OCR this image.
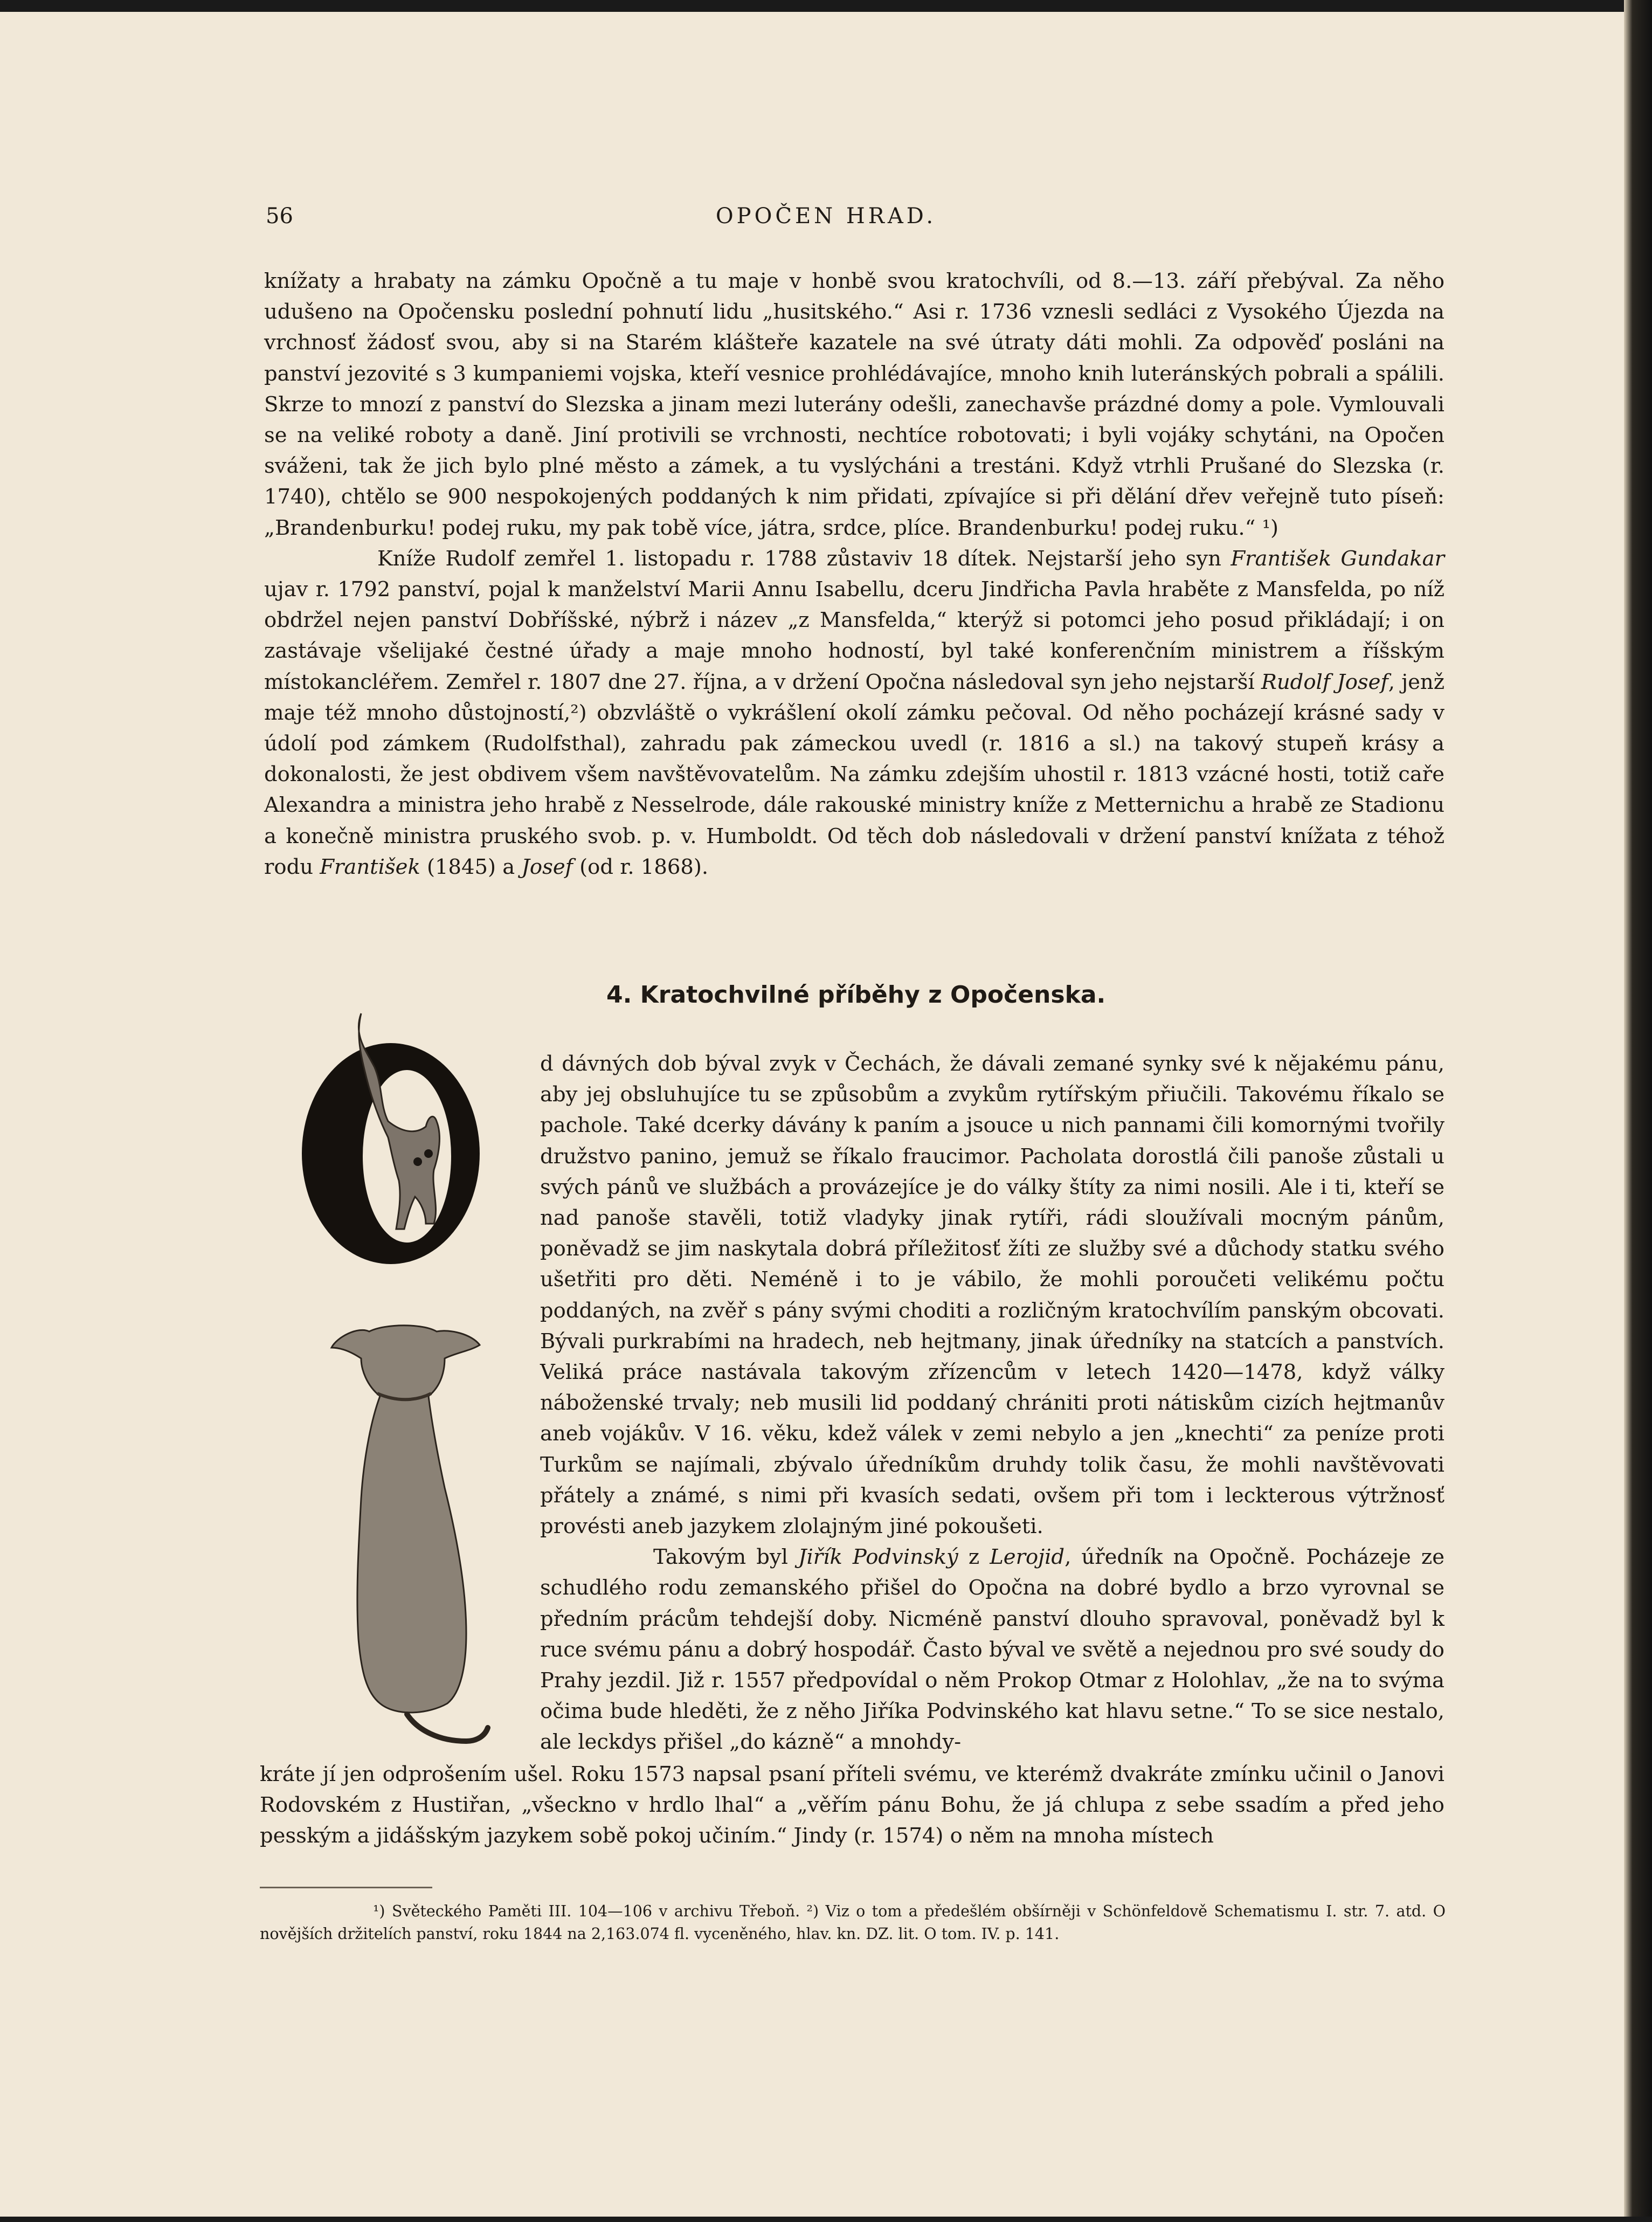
56	OPOČEN HRAD.

knížaty a hrabaty na zámku Opočně a tu maje v honbě svou kratochvíli, od 8.—13. září přebýval. Za něho udušeno na Opočensku poslední pohnutí lidu „husitského.“ Asi r. 1736 vznesli sedláci z Vysokého Újezda na vrchnosť žádosť svou, aby si na Starém klášteře kazatele na své útraty dáti mohli. Za odpověď posláni na panství jezovité s 3 kumpaniemi vojska, kteří vesnice prohlédávajíce, mnoho knih luteránských pobrali a spálili. Skrze to mnozí z panství do Slezska a jinam mezi luterány odešli, zanechavše prázdné domy a pole. Vymlouvali se na veliké roboty a daně. Jiní protivili se vrchnosti, nechtíce robotovati; i byli vojáky schytáni, na Opočen sváženi, tak že jich bylo plné město a zámek, a tu vyslýcháni a trestáni. Když vtrhli Prušané do Slezska (r. 1740), chtělo se 900 nespokojených poddaných k nim přidati, zpívajíce si při dělání dřev veřejně tuto píseň: „Brandenburku! podej ruku, my pak tobě více, játra, srdce, plíce. Brandenburku! podej ruku.“ ¹)

Kníže Rudolf zemřel 1. listopadu r. 1788 zůstaviv 18 dítek. Nejstarší jeho syn František Gundakar ujav r. 1792 panství, pojal k manželství Marii Annu Isabellu, dceru Jindřicha Pavla hraběte z Mansfelda, po níž obdržel nejen panství Dobříšské, nýbrž i název „z Mansfelda,“ kterýž si potomci jeho posud přikládají; i on zastávaje všelijaké čestné úřady a maje mnoho hodností, byl také konferenčním ministrem a říšským místokancléřem. Zemřel r. 1807 dne 27. října, a v držení Opočna následoval syn jeho nejstarší Rudolf Josef, jenž maje též mnoho důstojností,²) obzvláště o vykrášlení okolí zámku pečoval. Od něho pocházejí krásné sady v údolí pod zámkem (Rudolfsthal), zahradu pak zámeckou uvedl (r. 1816 a sl.) na takový stupeň krásy a dokonalosti, že jest obdivem všem navštěvovatelům. Na zámku zdejším uhostil r. 1813 vzácné hosti, totiž caře Alexandra a ministra jeho hrabě z Nesselrode, dále rakouské ministry kníže z Metternichu a hrabě ze Stadionu a konečně ministra pruského svob. p. v. Humboldt. Od těch dob následovali v držení panství knížata z téhož rodu František (1845) a Josef (od r. 1868).

4. Kratochvilné příběhy z Opočenska.
O

d dávných dob býval zvyk v Čechách, že dávali zemané synky své k nějakému pánu, aby jej obsluhujíce tu se způsobům a zvykům rytířským přiučili. Takovému říkalo se pachole. Také dcerky dávány k paním a jsouce u nich pannami čili komornými tvořily družstvo panino, jemuž se říkalo fraucimor. Pacholata dorostlá čili panoše zůstali u svých pánů ve službách a provázejíce je do války štíty za nimi nosili. Ale i ti, kteří se nad panoše stavěli, totiž vladyky jinak rytíři, rádi sloužívali mocným pánům, poněvadž se jim naskytala dobrá příležitosť žíti ze služby své a důchody statku svého ušetřiti pro děti. Neméně i to je vábilo, že mohli poroučeti velikému počtu poddaných, na zvěř s pány svými choditi a rozličným kratochvílím panským obcovati. Bývali purkrabími na hradech, neb hejtmany, jinak úředníky na statcích a panstvích. Veliká práce nastávala takovým zřízencům v letech 1420—1478, když války náboženské trvaly; neb musili lid poddaný chrániti proti nátiskům cizích hejtmanův aneb vojákův. V 16. věku, kdež válek v zemi nebylo a jen „knechti“ za peníze proti Turkům se najímali, zbývalo úředníkům druhdy tolik času, že mohli navštěvovati přátely a známé, s nimi při kvasích sedati, ovšem při tom i leckterous výtržnosť provésti aneb jazykem zlolajným jiné pokoušeti.

Takovým byl Jiřík Podvinský z Lerojid, úředník na Opočně. Pocházeje ze schudlého rodu zemanského přišel do Opočna na dobré bydlo a brzo vyrovnal se předním prácům tehdejší doby. Nicméně panství dlouho spravoval, poněvadž byl k ruce svému pánu a dobrý hospodář. Často býval ve světě a nejednou pro své soudy do Prahy jezdil. Již r. 1557 předpovídal o něm Prokop Otmar z Holohlav, „že na to svýma očima bude hleděti, že z něho Jiříka Podvinského kat hlavu setne.“ To se sice nestalo, ale leckdys přišel „do kázně“ a mnohdy-

kráte jí jen odprošením ušel. Roku 1573 napsal psaní příteli svému, ve kterémž dvakráte zmínku učinil o Janovi Rodovském z Hustiřan, „všeckno v hrdlo lhal“ a „věřím pánu Bohu, že já chlupa z sebe ssadím a před jeho pesským a jidášským jazykem sobě pokoj učiním.“ Jindy (r. 1574) o něm na mnoha místech

¹) Světeckého Paměti III. 104—106 v archivu Třeboň. ²) Viz o tom a předešlém obšírněji v Schönfeldově Schematismu I. str. 7. atd. O novějších držitelích panství, roku 1844 na 2,163.074 fl. vyceněného, hlav. kn. DZ. lit. O tom. IV. p. 141.
